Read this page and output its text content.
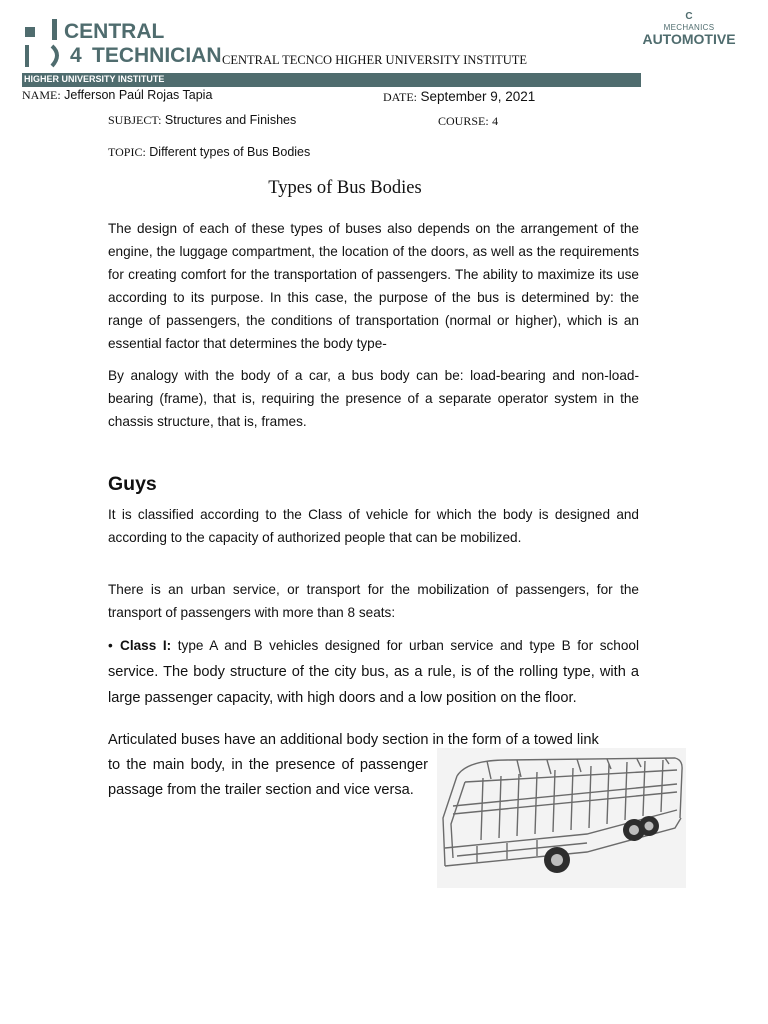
CENTRAL
4 TECHNICIAN CENTRAL TECNCO HIGHER UNIVERSITY INSTITUTE
C
MECHANICS
AUTOMOTIVE
HIGHER UNIVERSITY INSTITUTE
NAME: Jefferson Paúl Rojas Tapia	DATE: September 9, 2021
SUBJECT: Structures and Finishes	COURSE: 4
TOPIC: Different types of Bus Bodies
Types of Bus Bodies

The design of each of these types of buses also depends on the arrangement of the engine, the luggage compartment, the location of the doors, as well as the requirements for creating comfort for the transportation of passengers. The ability to maximize its use according to its purpose. In this case, the purpose of the bus is determined by: the range of passengers, the conditions of transportation (normal or higher), which is an essential factor that determines the body type-

By analogy with the body of a car, a bus body can be: load-bearing and non-load-bearing (frame), that is, requiring the presence of a separate operator system in the chassis structure, that is, frames.

Guys

It is classified according to the Class of vehicle for which the body is designed and according to the capacity of authorized people that can be mobilized.

There is an urban service, or transport for the mobilization of passengers, for the transport of passengers with more than 8 seats:

• Class I: type A and B vehicles designed for urban service and type B for school service. The body structure of the city bus, as a rule, is of the rolling type, with a large passenger capacity, with high doors and a low position on the floor.

Articulated buses have an additional body section in the form of a towed link

to the main body, in the presence of passenger passage from the trailer section and vice versa.
